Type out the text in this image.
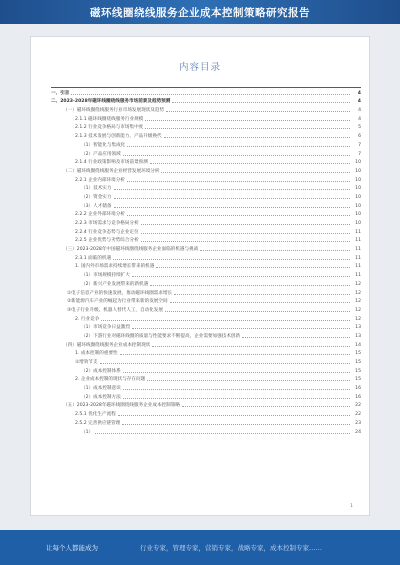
磁环线圈绕线服务企业成本控制策略研究报告
内容目录
一、引言	4
二、2023-2028年磁环线圈绕线服务市场前景及趋势预测	4
（一）磁环线圈绕线服务行业市场发展现状及趋势	4
2.1.1 磁环线圈绕线服务行业规模	4
2.1.2 行业竞争格局与市场集中度	5
2.1.3 技术发展与创新能力，产品升级换代	6
（1）智能化与集成化	7
（2）产品应用领域	7
2.1.4 行业政策影响及市场前景预测	10
（二）磁环线圈绕线服务企业经营发展环境分析	10
2.2.1 企业内部环境分析	10
（1）技术实力	10
（2）资金实力	10
（3）人才储备	10
2.2.2 企业外部环境分析	10
2.2.3 市场需求与竞争格局分析	10
2.2.4 行业竞争态势与企业定位	11
2.2.5 企业优势与劣势综合分析	11
（三）2023-2028年中国磁环线圈绕线服务企业面临的机遇与挑战	11
2.3.1 面临的机遇	11
1. 国内外市场需求持续增长带来的机遇	11
（1）市场规模持续扩大	11
（2）新兴产业发展带来的新机遇	12
①电子信息产业的快速发展，推动磁环线圈需求增长	12
②新能源汽车产业的崛起为行业带来新的发展空间	12
③电子行业升级，机器人替代人工，自动化发展	12
2. 行业竞争	12
（1）市场竞争日益激烈	13
（2）下游行业对磁环线圈的质量与性能要求不断提高，企业需要加强技术创新	13
（四）磁环线圈绕线服务企业成本控制现状	14
1. 成本控制的重要性	15
①增效节支	15
（2）成本控制体系	15
2. 企业成本控制的现状与存在问题	15
（1）成本控制意识	16
（2）成本控制方法	16
（五）2023-2028年磁环线圈绕线服务企业成本控制策略	22
2.5.1 优化生产流程	22
2.5.2 完善供应链管理	23
（1）	24
1
让每个人都能成为	行业专家，管理专家，营销专家，战略专家，成本控制专家……
